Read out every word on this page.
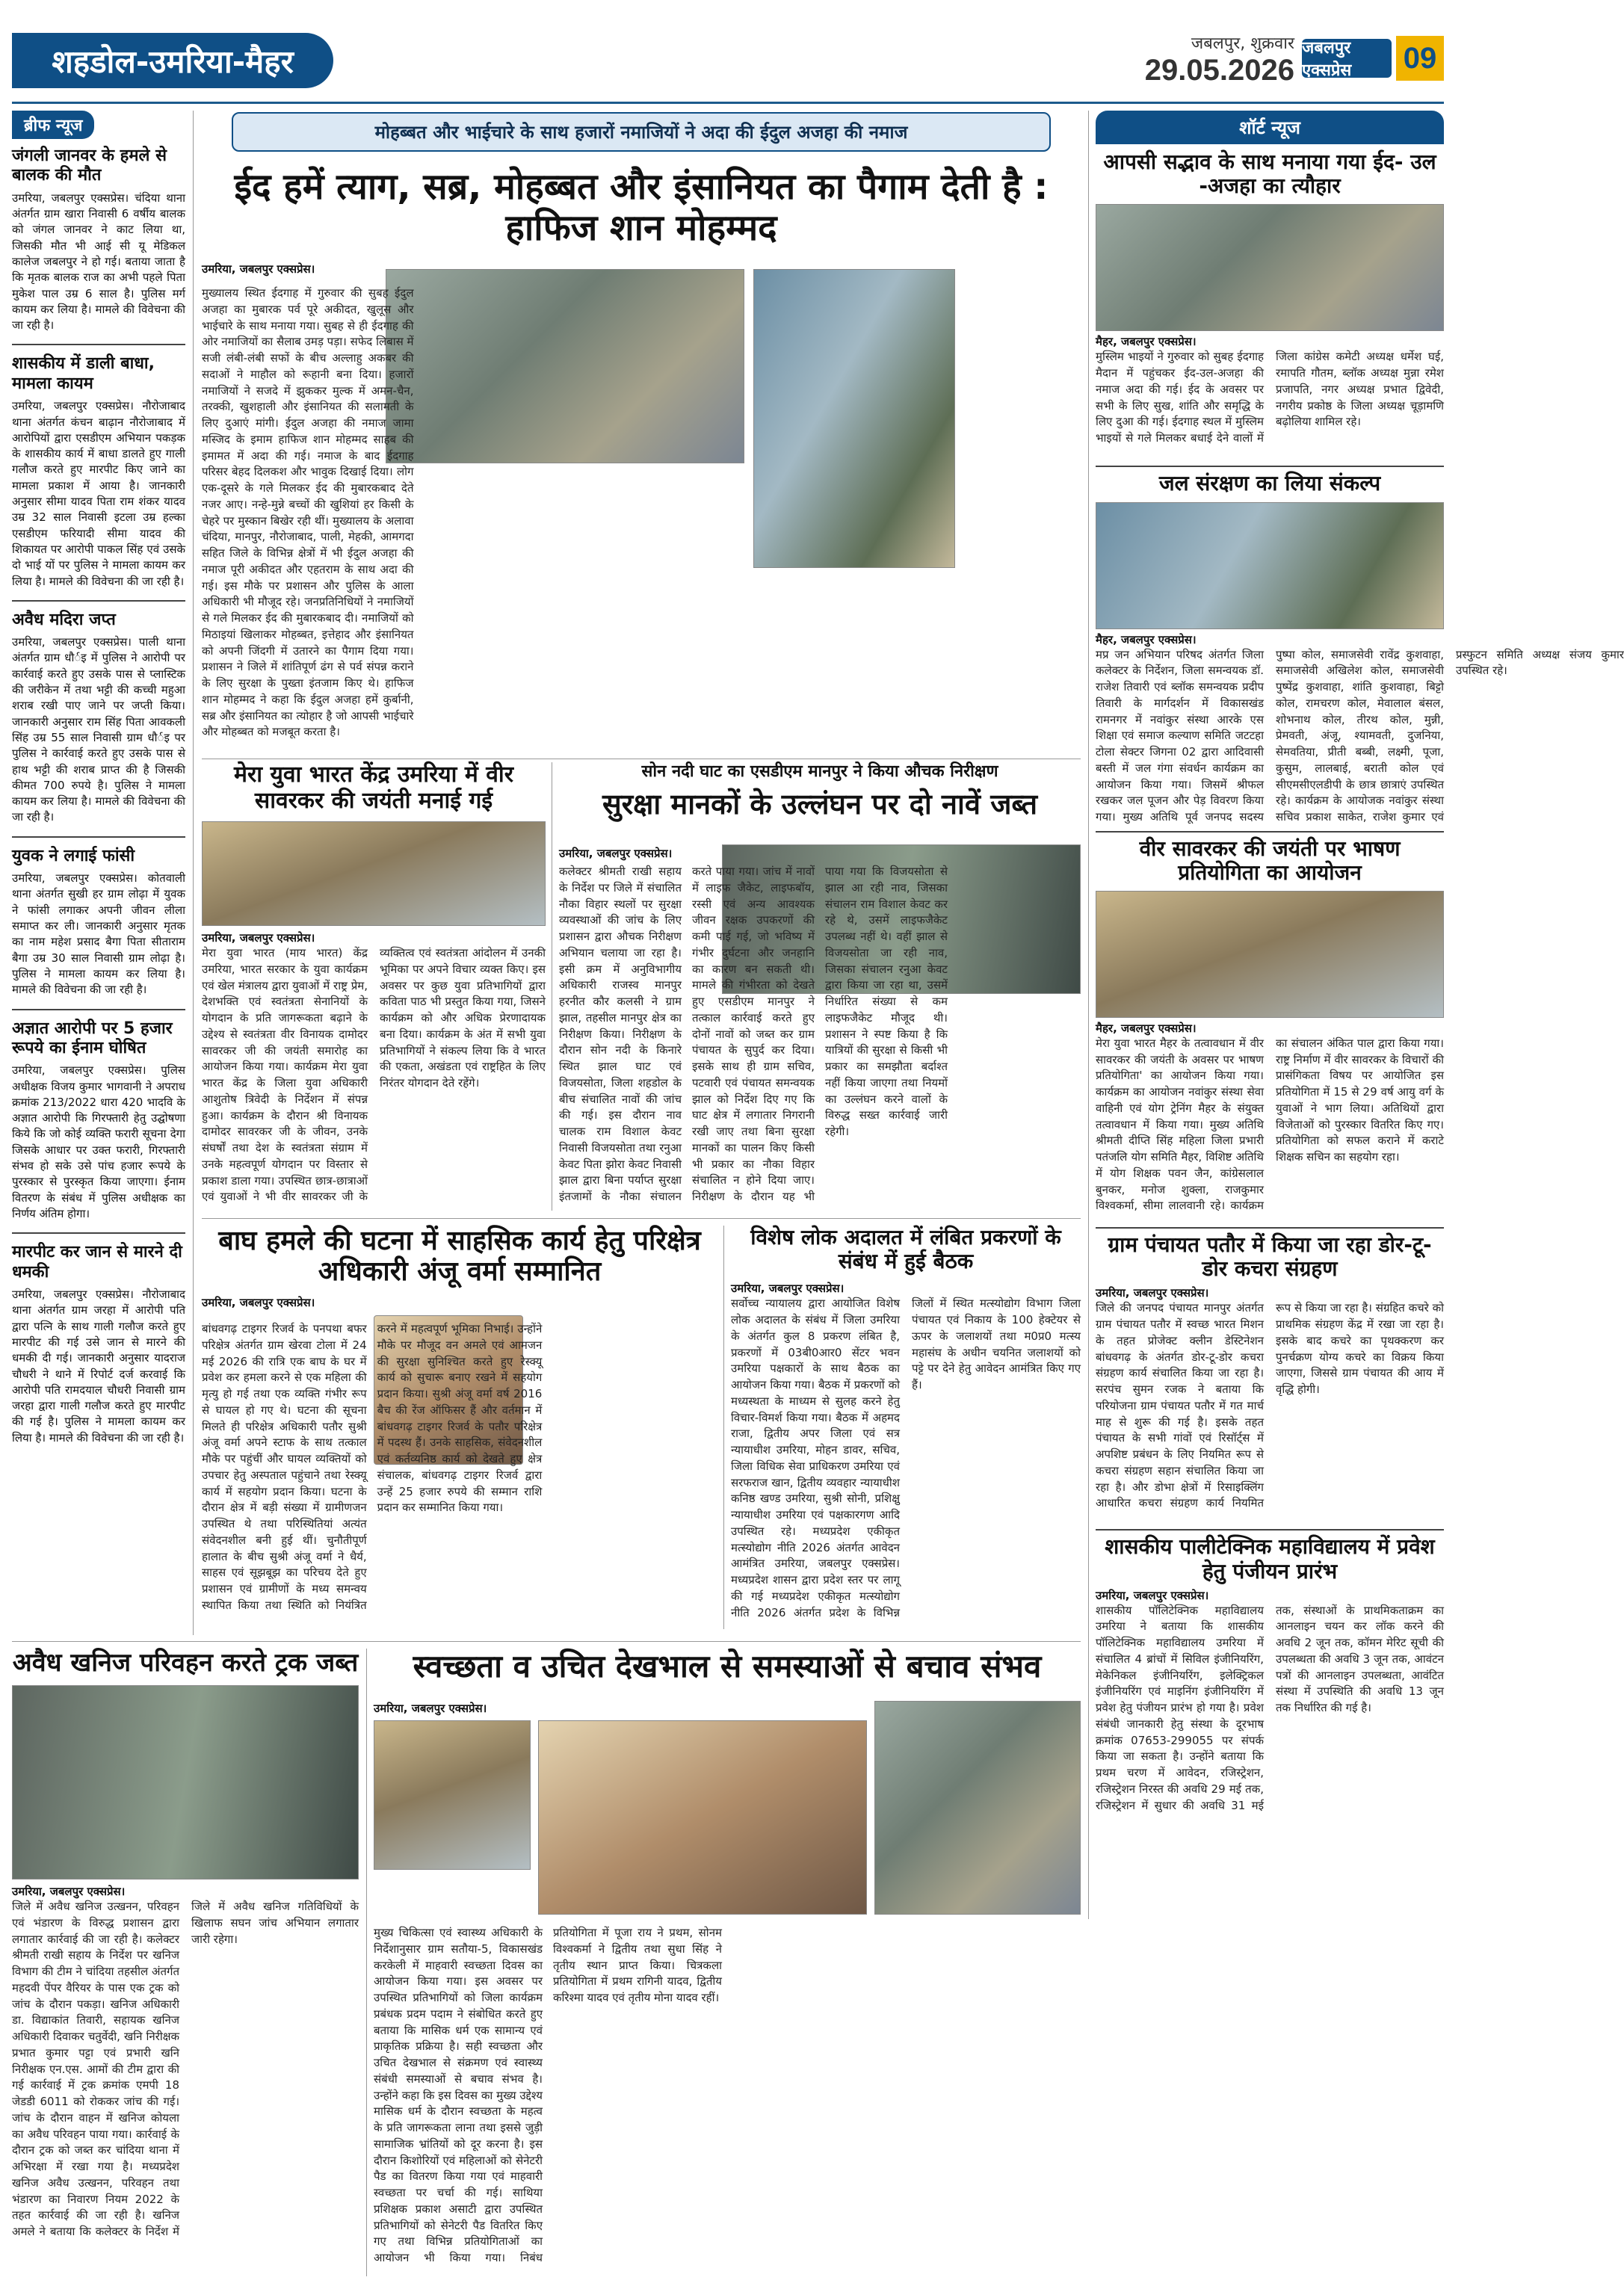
शहडोल-उमरिया-मैहर	जबलपुर, शुक्रवार
29.05.2026
जबलपुर एक्सप्रेस	09
ब्रीफ न्यूज
जंगली जानवर के हमले से बालक की मौत
उमरिया, जबलपुर एक्सप्रेस। चंदिया थाना अंतर्गत ग्राम खारा निवासी 6 वर्षीय बालक को जंगल जानवर ने काट लिया था, जिसकी मौत भी आई सी यू मेडिकल कालेज जबलपुर ने हो गई। बताया जाता है कि मृतक बालक राज का अभी पहले पिता मुकेश पाल उम्र 6 साल है। पुलिस मर्ग कायम कर लिया है। मामले की विवेचना की जा रही है।
शासकीय में डाली बाधा, मामला कायम
उमरिया, जबलपुर एक्सप्रेस। नौरोजाबाद थाना अंतर्गत कंचन बाढ़ान नौरोजाबाद में आरोपियों द्वारा एसडीएम अभियान पकड़क के शासकीय कार्य में बाधा डालते हुए गाली गलौज करते हुए मारपीट किए जाने का मामला प्रकाश में आया है। जानकारी अनुसार सीमा यादव पिता राम शंकर यादव उम्र 32 साल निवासी इटला उम्र हल्का एसडीएम फरियादी सीमा यादव की शिकायत पर आरोपी पाकल सिंह एवं उसके दो भाई यों पर पुलिस ने मामला कायम कर लिया है। मामले की विवेचना की जा रही है।
अवैध मदिरा जप्त
उमरिया, जबलपुर एक्सप्रेस। पाली थाना अंतर्गत ग्राम धौर्इ में पुलिस ने आरोपी पर कार्रवाई करते हुए उसके पास से प्लास्टिक की जरीकेन में तथा भट्टी की कच्ची महुआ शराब रखी पाए जाने पर जप्ती किया। जानकारी अनुसार राम सिंह पिता आवकली सिंह उम्र 55 साल निवासी ग्राम धौर्इ पर पुलिस ने कार्रवाई करते हुए उसके पास से हाथ भट्टी की शराब प्राप्त की है जिसकी कीमत 700 रुपये है। पुलिस ने मामला कायम कर लिया है। मामले की विवेचना की जा रही है।
युवक ने लगाई फांसी
उमरिया, जबलपुर एक्सप्रेस। कोतवाली थाना अंतर्गत सुखी हर ग्राम लोढ़ा में युवक ने फांसी लगाकर अपनी जीवन लीला समाप्त कर ली। जानकारी अनुसार मृतक का नाम महेश प्रसाद बैगा पिता सीताराम बैगा उम्र 30 साल निवासी ग्राम लोढ़ा है। पुलिस ने मामला कायम कर लिया है। मामले की विवेचना की जा रही है।
अज्ञात आरोपी पर 5 हजार रूपये का ईनाम घोषित
उमरिया, जबलपुर एक्सप्रेस। पुलिस अधीक्षक विजय कुमार भागवानी ने अपराध क्रमांक 213/2022 धारा 420 भादवि के अज्ञात आरोपी कि गिरफ्तारी हेतु उद्घोषणा किये कि जो कोई व्यक्ति फरारी सूचना देगा जिसके आधार पर उक्त फरारी, गिरफ्तारी संभव हो सके उसे पांच हजार रूपये के पुरस्कार से पुरस्कृत किया जाएगा। ईनाम वितरण के संबंध में पुलिस अधीक्षक का निर्णय अंतिम होगा।
मारपीट कर जान से मारने दी धमकी
उमरिया, जबलपुर एक्सप्रेस। नौरोजाबाद थाना अंतर्गत ग्राम जरहा में आरोपी पति द्वारा पत्नि के साथ गाली गलौज करते हुए मारपीट की गई उसे जान से मारने की धमकी दी गई। जानकारी अनुसार यादराज चौधरी ने थाने में रिपोर्ट दर्ज करवाई कि आरोपी पति रामदयाल चौधरी निवासी ग्राम जरहा द्वारा गाली गलौज करते हुए मारपीट की गई है। पुलिस ने मामला कायम कर लिया है। मामले की विवेचना की जा रही है।
मोहब्बत और भाईचारे के साथ हजारों नमाजियों ने अदा की ईदुल अजहा की नमाज
ईद हमें त्याग, सब्र, मोहब्बत और इंसानियत का पैगाम देती है : हाफिज शान मोहम्मद
उमरिया, जबलपुर एक्सप्रेस।
मुख्यालय स्थित ईदगाह में गुरुवार की सुबह ईदुल अजहा का मुबारक पर्व पूरे अकीदत, खुलूस और भाईचारे के साथ मनाया गया। सुबह से ही ईदगाह की ओर नमाजियों का सैलाब उमड़ पड़ा। सफेद लिबास में सजी लंबी-लंबी सफों के बीच अल्लाहु अकबर की सदाओं ने माहौल को रूहानी बना दिया। हजारों नमाजियों ने सजदे में झुककर मुल्क में अमन-चैन, तरक्की, खुशहाली और इंसानियत की सलामती के लिए दुआएं मांगी। ईदुल अजहा की नमाज जामा मस्जिद के इमाम हाफिज शान मोहम्मद साहब की इमामत में अदा की गई। नमाज के बाद ईदगाह परिसर बेहद दिलकश और भावुक दिखाई दिया। लोग एक-दूसरे के गले मिलकर ईद की मुबारकबाद देते नजर आए। नन्हे-मुन्ने बच्चों की खुशियां हर किसी के चेहरे पर मुस्कान बिखेर रही थीं। मुख्यालय के अलावा चंदिया, मानपुर, नौरोजाबाद, पाली, मेहकी, आमगदा सहित जिले के विभिन्न क्षेत्रों में भी ईदुल अजहा की नमाज पूरी अकीदत और एहतराम के साथ अदा की गई। इस मौके पर प्रशासन और पुलिस के आला अधिकारी भी मौजूद रहे। जनप्रतिनिधियों ने नमाजियों से गले मिलकर ईद की मुबारकबाद दी। नमाजियों को मिठाइयां खिलाकर मोहब्बत, इत्तेहाद और इंसानियत को अपनी जिंदगी में उतारने का पैगाम दिया गया। प्रशासन ने जिले में शांतिपूर्ण ढंग से पर्व संपन्न कराने के लिए सुरक्षा के पुख्ता इंतजाम किए थे। हाफिज शान मोहम्मद ने कहा कि ईदुल अजहा हमें कुर्बानी, सब्र और इंसानियत का त्योहार है जो आपसी भाईचारे और मोहब्बत को मजबूत करता है।
मेरा युवा भारत केंद्र उमरिया में वीर सावरकर की जयंती मनाई गई
उमरिया, जबलपुर एक्सप्रेस।
मेरा युवा भारत (माय भारत) केंद्र उमरिया, भारत सरकार के युवा कार्यक्रम एवं खेल मंत्रालय द्वारा युवाओं में राष्ट्र प्रेम, देशभक्ति एवं स्वतंत्रता सेनानियों के योगदान के प्रति जागरूकता बढ़ाने के उद्देश्य से स्वतंत्रता वीर विनायक दामोदर सावरकर जी की जयंती समारोह का आयोजन किया गया। कार्यक्रम मेरा युवा भारत केंद्र के जिला युवा अधिकारी आशुतोष त्रिवेदी के निर्देशन में संपन्न हुआ। कार्यक्रम के दौरान श्री विनायक दामोदर सावरकर जी के जीवन, उनके संघर्षों तथा देश के स्वतंत्रता संग्राम में उनके महत्वपूर्ण योगदान पर विस्तार से प्रकाश डाला गया। उपस्थित छात्र-छात्राओं एवं युवाओं ने भी वीर सावरकर जी के व्यक्तित्व एवं स्वतंत्रता आंदोलन में उनकी भूमिका पर अपने विचार व्यक्त किए। इस अवसर पर कुछ युवा प्रतिभागियों द्वारा कविता पाठ भी प्रस्तुत किया गया, जिसने कार्यक्रम को और अधिक प्रेरणादायक बना दिया। कार्यक्रम के अंत में सभी युवा प्रतिभागियों ने संकल्प लिया कि वे भारत की एकता, अखंडता एवं राष्ट्रहित के लिए निरंतर योगदान देते रहेंगे।
सोन नदी घाट का एसडीएम मानपुर ने किया औचक निरीक्षण
सुरक्षा मानकों के उल्लंघन पर दो नावें जब्त
उमरिया, जबलपुर एक्सप्रेस।
कलेक्टर श्रीमती राखी सहाय के निर्देश पर जिले में संचालित नौका विहार स्थलों पर सुरक्षा व्यवस्थाओं की जांच के लिए प्रशासन द्वारा औचक निरीक्षण अभियान चलाया जा रहा है। इसी क्रम में अनुविभागीय अधिकारी राजस्व मानपुर हरनीत कौर कलसी ने ग्राम झाल, तहसील मानपुर क्षेत्र का निरीक्षण किया। निरीक्षण के दौरान सोन नदी के किनारे स्थित झाल घाट एवं विजयसोता, जिला शहडोल के बीच संचालित नावों की जांच की गई। इस दौरान नाव चालक राम विशाल केवट निवासी विजयसोता तथा रनुआ केवट पिता झोरा केवट निवासी झाल द्वारा बिना पर्याप्त सुरक्षा इंतजामों के नौका संचालन करते पाया गया। जांच में नावों में लाइफ जैकेट, लाइफबॉय, रस्सी एवं अन्य आवश्यक जीवन रक्षक उपकरणों की कमी पाई गई, जो भविष्य में गंभीर दुर्घटना और जनहानि का कारण बन सकती थी। मामले की गंभीरता को देखते हुए एसडीएम मानपुर ने तत्काल कार्रवाई करते हुए दोनों नावों को जब्त कर ग्राम पंचायत के सुपुर्द कर दिया। इसके साथ ही ग्राम सचिव, पटवारी एवं पंचायत समन्वयक झाल को निर्देश दिए गए कि घाट क्षेत्र में लगातार निगरानी रखी जाए तथा बिना सुरक्षा मानकों का पालन किए किसी भी प्रकार का नौका विहार संचालित न होने दिया जाए। निरीक्षण के दौरान यह भी पाया गया कि विजयसोता से झाल आ रही नाव, जिसका संचालन राम विशाल केवट कर रहे थे, उसमें लाइफजैकेट उपलब्ध नहीं थे। वहीं झाल से विजयसोता जा रही नाव, जिसका संचालन रनुआ केवट द्वारा किया जा रहा था, उसमें निर्धारित संख्या से कम लाइफजैकेट मौजूद थी। प्रशासन ने स्पष्ट किया है कि यात्रियों की सुरक्षा से किसी भी प्रकार का समझौता बर्दाश्त नहीं किया जाएगा तथा नियमों का उल्लंघन करने वालों के विरुद्ध सख्त कार्रवाई जारी रहेगी।
बाघ हमले की घटना में साहसिक कार्य हेतु परिक्षेत्र अधिकारी अंजू वर्मा सम्मानित
उमरिया, जबलपुर एक्सप्रेस।
बांधवगढ़ टाइगर रिजर्व के पनपथा बफर परिक्षेत्र अंतर्गत ग्राम खेरवा टोला में 24 मई 2026 की रात्रि एक बाघ के घर में प्रवेश कर हमला करने से एक महिला की मृत्यु हो गई तथा एक व्यक्ति गंभीर रूप से घायल हो गए थे। घटना की सूचना मिलते ही परिक्षेत्र अधिकारी पतौर सुश्री अंजू वर्मा अपने स्टाफ के साथ तत्काल मौके पर पहुंचीं और घायल व्यक्तियों को उपचार हेतु अस्पताल पहुंचाने तथा रेस्क्यू कार्य में सहयोग प्रदान किया। घटना के दौरान क्षेत्र में बड़ी संख्या में ग्रामीणजन उपस्थित थे तथा परिस्थितियां अत्यंत संवेदनशील बनी हुई थीं। चुनौतीपूर्ण हालात के बीच सुश्री अंजू वर्मा ने धैर्य, साहस एवं सूझबूझ का परिचय देते हुए प्रशासन एवं ग्रामीणों के मध्य समन्वय स्थापित किया तथा स्थिति को नियंत्रित करने में महत्वपूर्ण भूमिका निभाई। उन्होंने मौके पर मौजूद वन अमले एवं आमजन की सुरक्षा सुनिश्चित करते हुए रेस्क्यू कार्य को सुचारू बनाए रखने में सहयोग प्रदान किया। सुश्री अंजू वर्मा वर्ष 2016 बैच की रेंज ऑफिसर हैं और वर्तमान में बांधवगढ़ टाइगर रिजर्व के पतौर परिक्षेत्र में पदस्थ हैं। उनके साहसिक, संवेदनशील एवं कर्तव्यनिष्ठ कार्य को देखते हुए क्षेत्र संचालक, बांधवगढ़ टाइगर रिजर्व द्वारा उन्हें 25 हजार रुपये की सम्मान राशि प्रदान कर सम्मानित किया गया।
विशेष लोक अदालत में लंबित प्रकरणों के संबंध में हुई बैठक
उमरिया, जबलपुर एक्सप्रेस।
सर्वोच्च न्यायालय द्वारा आयोजित विशेष लोक अदालत के संबंध में जिला उमरिया के अंतर्गत कुल 8 प्रकरण लंबित है, प्रकरणों में 03बी0आर0 सेंटर भवन उमरिया पक्षकारों के साथ बैठक का आयोजन किया गया। बैठक में प्रकरणों को मध्यस्थता के माध्यम से सुलह करने हेतु विचार-विमर्श किया गया। बैठक में अहमद राजा, द्वितीय अपर जिला एवं सत्र न्यायाधीश उमरिया, मोहन डावर, सचिव, जिला विधिक सेवा प्राधिकरण उमरिया एवं सरफराज खान, द्वितीय व्यवहार न्यायाधीश कनिष्ठ खण्ड उमरिया, सुश्री सोनी, प्रशिक्षु न्यायाधीश उमरिया एवं पक्षकारगण आदि उपस्थित रहे। मध्यप्रदेश एकीकृत मत्स्योद्योग नीति 2026 अंतर्गत आवेदन आमंत्रित उमरिया, जबलपुर एक्सप्रेस। मध्यप्रदेश शासन द्वारा प्रदेश स्तर पर लागू की गई मध्यप्रदेश एकीकृत मत्स्योद्योग नीति 2026 अंतर्गत प्रदेश के विभिन्न जिलों में स्थित मत्स्योद्योग विभाग जिला पंचायत एवं निकाय के 100 हेक्टेयर से ऊपर के जलाशयों तथा म0प्र0 मत्स्य महासंघ के अधीन चयनित जलाशयों को पट्टे पर देने हेतु आवेदन आमंत्रित किए गए हैं।
शॉर्ट न्यूज
आपसी सद्भाव के साथ मनाया गया ईद- उल -अजहा का त्यौहार
मैहर, जबलपुर एक्सप्रेस।
मुस्लिम भाइयों ने गुरुवार को सुबह ईदगाह मैदान में पहुंचकर ईद-उल-अजहा की नमाज अदा की गई। ईद के अवसर पर सभी के लिए सुख, शांति और समृद्धि के लिए दुआ की गई। ईदगाह स्थल में मुस्लिम भाइयों से गले मिलकर बधाई देने वालों में जिला कांग्रेस कमेटी अध्यक्ष धर्मेश घई, रमापति गौतम, ब्लॉक अध्यक्ष मुन्ना रमेश प्रजापति, नगर अध्यक्ष प्रभात द्विवेदी, नगरीय प्रकोष्ठ के जिला अध्यक्ष चूड़ामणि बढ़ोलिया शामिल रहे।
जल संरक्षण का लिया संकल्प
मैहर, जबलपुर एक्सप्रेस।
मप्र जन अभियान परिषद अंतर्गत जिला कलेक्टर के निर्देशन, जिला समन्वयक डॉ. राजेश तिवारी एवं ब्लॉक समन्वयक प्रदीप तिवारी के मार्गदर्शन में विकासखंड रामनगर में नवांकुर संस्था आरके एस शिक्षा एवं समाज कल्याण समिति जटटहा टोला सेक्टर जिगना 02 द्वारा आदिवासी बस्ती में जल गंगा संवर्धन कार्यक्रम का आयोजन किया गया। जिसमें श्रीफल रखकर जल पूजन और पेड़ विवरण किया गया। मुख्य अतिथि पूर्व जनपद सदस्य पुष्पा कोल, समाजसेवी रावेंद्र कुशवाहा, समाजसेवी अखिलेश कोल, समाजसेवी पुष्पेंद्र कुशवाहा, शांति कुशवाहा, बिट्टो कोल, रामचरण कोल, मेवालाल बंसल, शोभनाथ कोल, तीरथ कोल, मुन्नी, प्रेमवती, अंजू, श्यामवती, दुजनिया, सेमवतिया, प्रीती बब्बी, लक्ष्मी, पूजा, कुसुम, लालबाई, बराती कोल एवं सीएमसीएलडीपी के छात्र छात्राएं उपस्थित रहे। कार्यक्रम के आयोजक नवांकुर संस्था सचिव प्रकाश साकेत, राजेश कुमार एवं प्रस्फुटन समिति अध्यक्ष संजय कुमार उपस्थित रहे।
वीर सावरकर की जयंती पर भाषण प्रतियोगिता का आयोजन
मैहर, जबलपुर एक्सप्रेस।
मेरा युवा भारत मैहर के तत्वावधान में वीर सावरकर की जयंती के अवसर पर भाषण प्रतियोगिता' का आयोजन किया गया। कार्यक्रम का आयोजन नवांकुर संस्था सेवा वाहिनी एवं योग ट्रेनिंग मैहर के संयुक्त तत्वावधान में किया गया। मुख्य अतिथि श्रीमती दीप्ति सिंह महिला जिला प्रभारी पतंजलि योग समिति मैहर, विशिष्ट अतिथि में योग शिक्षक पवन जैन, कांग्रेसलाल बुनकर, मनोज शुक्ला, राजकुमार विश्वकर्मा, सीमा लालवानी रहे। कार्यक्रम का संचालन अंकित पाल द्वारा किया गया। राष्ट्र निर्माण में वीर सावरकर के विचारों की प्रासंगिकता विषय पर आयोजित इस प्रतियोगिता में 15 से 29 वर्ष आयु वर्ग के युवाओं ने भाग लिया। अतिथियों द्वारा विजेताओं को पुरस्कार वितरित किए गए। प्रतियोगिता को सफल कराने में कराटे शिक्षक सचिन का सहयोग रहा।
ग्राम पंचायत पतौर में किया जा रहा डोर-टू-डोर कचरा संग्रहण
उमरिया, जबलपुर एक्सप्रेस।
जिले की जनपद पंचायत मानपुर अंतर्गत ग्राम पंचायत पतौर में स्वच्छ भारत मिशन के तहत प्रोजेक्ट क्लीन डेस्टिनेशन बांधवगढ़ के अंतर्गत डोर-टू-डोर कचरा संग्रहण कार्य संचालित किया जा रहा है। सरपंच सुमन रजक ने बताया कि परियोजना ग्राम पंचायत पतौर में गत मार्च माह से शुरू की गई है। इसके तहत पंचायत के सभी गांवों एवं रिसॉर्ट्स में अपशिष्ट प्रबंधन के लिए नियमित रूप से कचरा संग्रहण सहान संचालित किया जा रहा है। और डोभा क्षेत्रों में रिसाइक्लिंग आधारित कचरा संग्रहण कार्य नियमित रूप से किया जा रहा है। संग्रहित कचरे को प्राथमिक संग्रहण केंद्र में रखा जा रहा है। इसके बाद कचरे का पृथक्करण कर पुनर्चक्रण योग्य कचरे का विक्रय किया जाएगा, जिससे ग्राम पंचायत की आय में वृद्धि होगी।
शासकीय पालीटेक्निक महाविद्यालय में प्रवेश हेतु पंजीयन प्रारंभ
उमरिया, जबलपुर एक्सप्रेस।
शासकीय पॉलिटेक्निक महाविद्यालय उमरिया ने बताया कि शासकीय पॉलिटेक्निक महाविद्यालय उमरिया में संचालित 4 ब्रांचों में सिविल इंजीनियरिंग, मेकेनिकल इंजीनियरिंग, इलेक्ट्रिकल इंजीनियरिंग एवं माइनिंग इंजीनियरिंग में प्रवेश हेतु पंजीयन प्रारंभ हो गया है। प्रवेश संबंधी जानकारी हेतु संस्था के दूरभाष क्रमांक 07653-299055 पर संपर्क किया जा सकता है। उन्होंने बताया कि प्रथम चरण में आवेदन, रजिस्ट्रेशन, रजिस्ट्रेशन निरस्त की अवधि 29 मई तक, रजिस्ट्रेशन में सुधार की अवधि 31 मई तक, संस्थाओं के प्राथमिकताक्रम का आनलाइन चयन कर लॉक करने की अवधि 2 जून तक, कॉमन मेरिट सूची की उपलब्धता की अवधि 3 जून तक, आवंटन पत्रों की आनलाइन उपलब्धता, आवंटित संस्था में उपस्थिति की अवधि 13 जून तक निर्धारित की गई है।
अवैध खनिज परिवहन करते ट्रक जब्त
उमरिया, जबलपुर एक्सप्रेस।
जिले में अवैध खनिज उत्खनन, परिवहन एवं भंडारण के विरुद्ध प्रशासन द्वारा लगातार कार्रवाई की जा रही है। कलेक्टर श्रीमती राखी सहाय के निर्देश पर खनिज विभाग की टीम ने चांदिया तहसील अंतर्गत महदवी पेंपर वैरियर के पास एक ट्रक को जांच के दौरान पकड़ा। खनिज अधिकारी डा. विद्याकांत तिवारी, सहायक खनिज अधिकारी दिवाकर चतुर्वेदी, खनि निरीक्षक प्रभात कुमार पट्टा एवं प्रभारी खनि निरीक्षक एन.एस. आमों की टीम द्वारा की गई कार्रवाई में ट्रक क्रमांक एमपी 18 जेडडी 6011 को रोककर जांच की गई। जांच के दौरान वाहन में खनिज कोयला का अवैध परिवहन पाया गया। कार्रवाई के दौरान ट्रक को जब्त कर चांदिया थाना में अभिरक्षा में रखा गया है। मध्यप्रदेश खनिज अवैध उत्खनन, परिवहन तथा भंडारण का निवारण नियम 2022 के तहत कार्रवाई की जा रही है। खनिज अमले ने बताया कि कलेक्टर के निर्देश में जिले में अवैध खनिज गतिविधियों के खिलाफ सघन जांच अभियान लगातार जारी रहेगा।
स्वच्छता व उचित देखभाल से समस्याओं से बचाव संभव
उमरिया, जबलपुर एक्सप्रेस।
मुख्य चिकित्सा एवं स्वास्थ्य अधिकारी के निर्देशानुसार ग्राम सतौया-5, विकासखंड करकेली में माहवारी स्वच्छता दिवस का आयोजन किया गया। इस अवसर पर उपस्थित प्रतिभागियों को जिला कार्यक्रम प्रबंधक प्रदम पदाम ने संबोधित करते हुए बताया कि मासिक धर्म एक सामान्य एवं प्राकृतिक प्रक्रिया है। सही स्वच्छता और उचित देखभाल से संक्रमण एवं स्वास्थ्य संबंधी समस्याओं से बचाव संभव है। उन्होंने कहा कि इस दिवस का मुख्य उद्देश्य मासिक धर्म के दौरान स्वच्छता के महत्व के प्रति जागरूकता लाना तथा इससे जुड़ी सामाजिक भ्रांतियों को दूर करना है। इस दौरान किशोरियों एवं महिलाओं को सेनेटरी पैड का वितरण किया गया एवं माहवारी स्वच्छता पर चर्चा की गई। साथिया प्रशिक्षक प्रकाश असाटी द्वारा उपस्थित प्रतिभागियों को सेनेटरी पैड वितरित किए गए तथा विभिन्न प्रतियोगिताओं का आयोजन भी किया गया। निबंध प्रतियोगिता में पूजा राय ने प्रथम, सोनम विश्वकर्मा ने द्वितीय तथा सुधा सिंह ने तृतीय स्थान प्राप्त किया। चित्रकला प्रतियोगिता में प्रथम रागिनी यादव, द्वितीय करिश्मा यादव एवं तृतीय मोना यादव रहीं।
